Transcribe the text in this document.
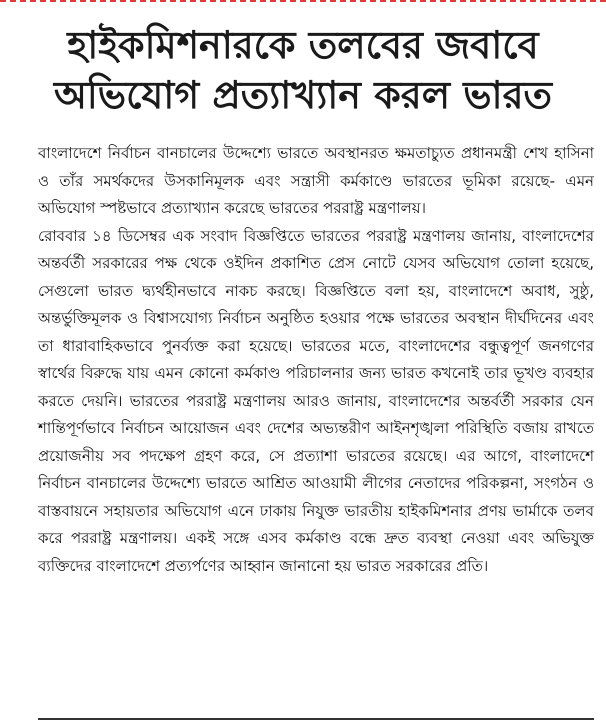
হাইকমিশনারকে তলবের জবাবে
অভিযোগ প্রত্যাখ্যান করল ভারত

বাংলাদেশে নির্বাচন বানচালের উদ্দেশ্যে ভারতে অবস্থানরত ক্ষমতাচ্যুত প্রধানমন্ত্রী শেখ হাসিনা ও তাঁর সমর্থকদের উসকানিমূলক এবং সন্ত্রাসী কর্মকাণ্ডে ভারতের ভূমিকা রয়েছে- এমন অভিযোগ স্পষ্টভাবে প্রত্যাখ্যান করেছে ভারতের পররাষ্ট্র মন্ত্রণালয়।

রোববার ১৪ ডিসেম্বর এক সংবাদ বিজ্ঞপ্তিতে ভারতের পররাষ্ট্র মন্ত্রণালয় জানায়, বাংলাদেশের অন্তর্বর্তী সরকারের পক্ষ থেকে ওইদিন প্রকাশিত প্রেস নোটে যেসব অভিযোগ তোলা হয়েছে, সেগুলো ভারত দ্ব্যর্থহীনভাবে নাকচ করছে। বিজ্ঞপ্তিতে বলা হয়, বাংলাদেশে অবাধ, সুষ্ঠু, অন্তর্ভুক্তিমূলক ও বিশ্বাসযোগ্য নির্বাচন অনুষ্ঠিত হওয়ার পক্ষে ভারতের অবস্থান দীর্ঘদিনের এবং তা ধারাবাহিকভাবে পুনর্ব্যক্ত করা হয়েছে। ভারতের মতে, বাংলাদেশের বন্ধুত্বপূর্ণ জনগণের স্বার্থের বিরুদ্ধে যায় এমন কোনো কর্মকাণ্ড পরিচালনার জন্য ভারত কখনোই তার ভূখণ্ড ব্যবহার করতে দেয়নি। ভারতের পররাষ্ট্র মন্ত্রণালয় আরও জানায়, বাংলাদেশের অন্তর্বর্তী সরকার যেন শান্তিপূর্ণভাবে নির্বাচন আয়োজন এবং দেশের অভ্যন্তরীণ আইনশৃঙ্খলা পরিস্থিতি বজায় রাখতে প্রয়োজনীয় সব পদক্ষেপ গ্রহণ করে, সে প্রত্যাশা ভারতের রয়েছে। এর আগে, বাংলাদেশে নির্বাচন বানচালের উদ্দেশ্যে ভারতে আশ্রিত আওয়ামী লীগের নেতাদের পরিকল্পনা, সংগঠন ও বাস্তবায়নে সহায়তার অভিযোগ এনে ঢাকায় নিযুক্ত ভারতীয় হাইকমিশনার প্রণয় ভার্মাকে তলব করে পররাষ্ট্র মন্ত্রণালয়। একই সঙ্গে এসব কর্মকাণ্ড বন্ধে দ্রুত ব্যবস্থা নেওয়া এবং অভিযুক্ত ব্যক্তিদের বাংলাদেশে প্রত্যর্পণের আহ্বান জানানো হয় ভারত সরকারের প্রতি।
